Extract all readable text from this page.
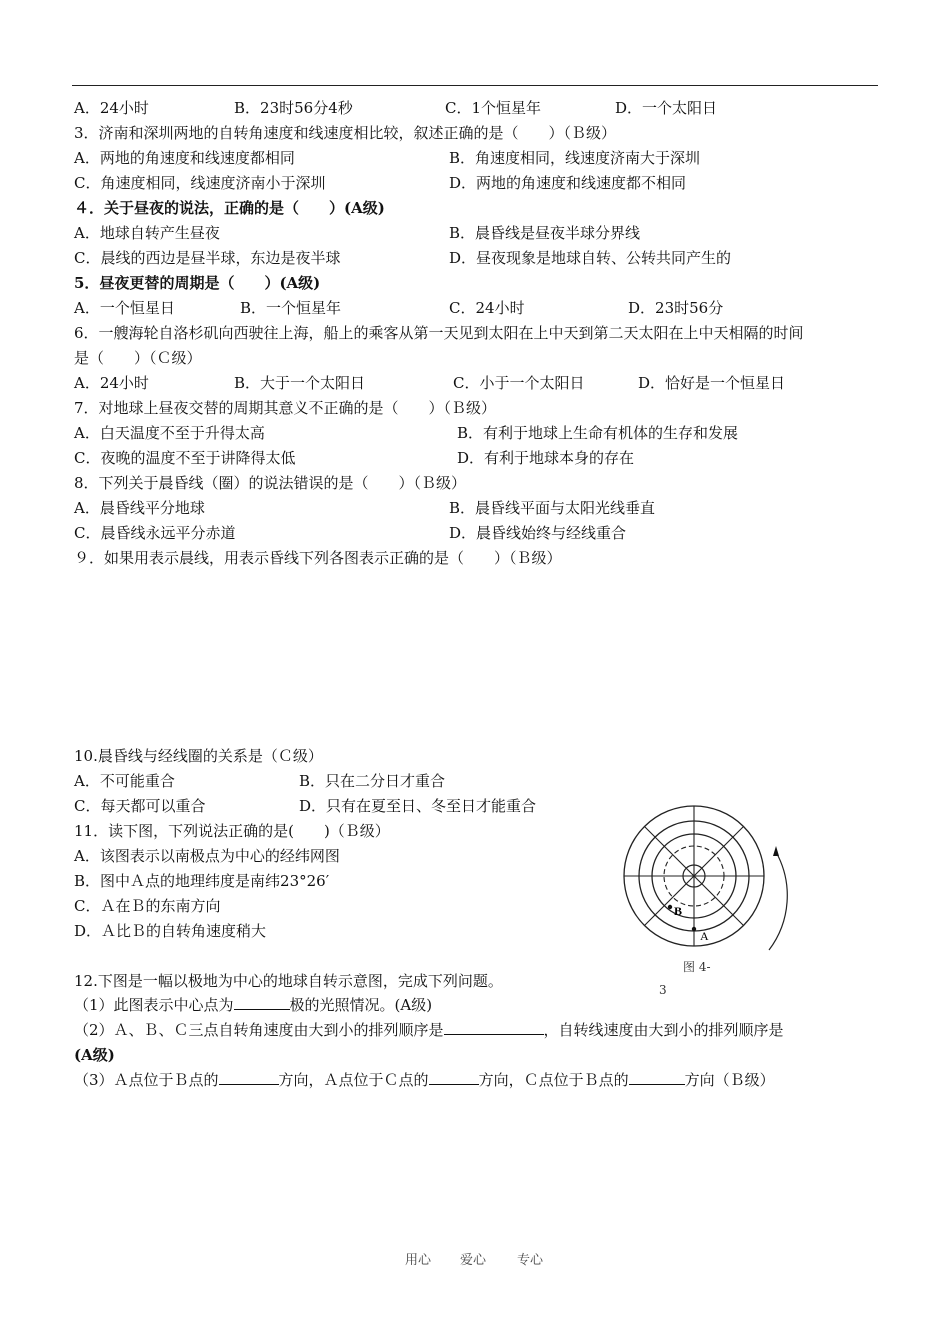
A．24小时	B．23时56分4秒	C．1个恒星年	D．一个太阳日
3．济南和深圳两地的自转角速度和线速度相比较，叙述正确的是（　　）（Ｂ级）
A．两地的角速度和线速度都相同	B．角速度相同，线速度济南大于深圳
C．角速度相同，线速度济南小于深圳	D．两地的角速度和线速度都不相同
４．关于昼夜的说法，正确的是（　　）(A级)
A．地球自转产生昼夜	B．晨昏线是昼夜半球分界线
C．晨线的西边是昼半球，东边是夜半球	D．昼夜现象是地球自转、公转共同产生的
5．昼夜更替的周期是（　　）(A级)
A．一个恒星日	B．一个恒星年	C．24小时	D．23时56分
6．一艘海轮自洛杉矶向西驶往上海，船上的乘客从第一天见到太阳在上中天到第二天太阳在上中天相隔的时间
是（　　）（Ｃ级）
A．24小时	B．大于一个太阳日	C．小于一个太阳日	D．恰好是一个恒星日
7．对地球上昼夜交替的周期其意义不正确的是（　　）（Ｂ级）
A．白天温度不至于升得太高	B．有利于地球上生命有机体的生存和发展
C．夜晚的温度不至于讲降得太低	D．有利于地球本身的存在
8．下列关于晨昏线（圈）的说法错误的是（　　）（Ｂ级）
A．晨昏线平分地球	B．晨昏线平面与太阳光线垂直
C．晨昏线永远平分赤道	D．晨昏线始终与经线重合
９．如果用表示晨线，用表示昏线下列各图表示正确的是（　　）（Ｂ级）
10.晨昏线与经线圈的关系是（Ｃ级）
A．不可能重合	B．只在二分日才重合
C．每天都可以重合	D．只有在夏至日、冬至日才能重合
11．读下图，下列说法正确的是(　　)（Ｂ级）
A．该图表示以南极点为中心的经纬网图
B．图中Ａ点的地理纬度是南纬23°26′
C．Ａ在Ｂ的东南方向
D．Ａ比Ｂ的自转角速度稍大	A
B
图 4-
3
12.下图是一幅以极地为中心的地球自转示意图，完成下列问题。
（1）此图表示中心点为	极的光照情况。(A级)
（2）Ａ、Ｂ、Ｃ三点自转角速度由大到小的排列顺序是	，自转线速度由大到小的排列顺序是
(A级)
（3）Ａ点位于Ｂ点的	方向，Ａ点位于Ｃ点的	方向，Ｃ点位于Ｂ点的	方向（Ｂ级）
用心 爱心 专心
